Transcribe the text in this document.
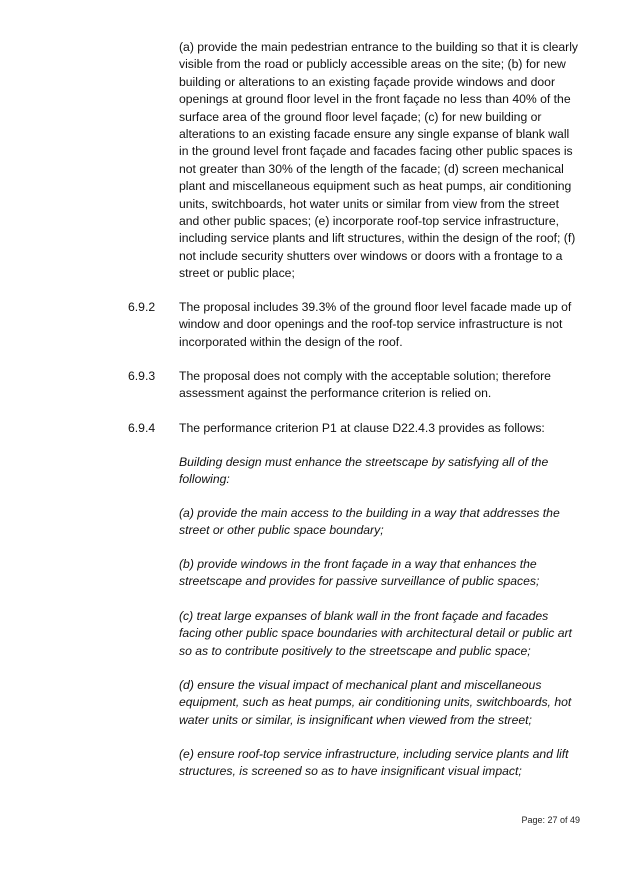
(a) provide the main pedestrian entrance to the building so that it is clearly visible from the road or publicly accessible areas on the site; (b) for new building or alterations to an existing façade provide windows and door openings at ground floor level in the front façade no less than 40% of the surface area of the ground floor level façade; (c) for new building or alterations to an existing facade ensure any single expanse of blank wall in the ground level front façade and facades facing other public spaces is not greater than 30% of the length of the facade; (d) screen mechanical plant and miscellaneous equipment such as heat pumps, air conditioning units, switchboards, hot water units or similar from view from the street and other public spaces; (e) incorporate roof-top service infrastructure, including service plants and lift structures, within the design of the roof; (f) not include security shutters over windows or doors with a frontage to a street or public place;

6.9.2 The proposal includes 39.3% of the ground floor level facade made up of window and door openings and the roof-top service infrastructure is not incorporated within the design of the roof.

6.9.3 The proposal does not comply with the acceptable solution; therefore assessment against the performance criterion is relied on.

6.9.4 The performance criterion P1 at clause D22.4.3 provides as follows:

Building design must enhance the streetscape by satisfying all of the following:

(a) provide the main access to the building in a way that addresses the street or other public space boundary;

(b) provide windows in the front façade in a way that enhances the streetscape and provides for passive surveillance of public spaces;

(c) treat large expanses of blank wall in the front façade and facades facing other public space boundaries with architectural detail or public art so as to contribute positively to the streetscape and public space;

(d) ensure the visual impact of mechanical plant and miscellaneous equipment, such as heat pumps, air conditioning units, switchboards, hot water units or similar, is insignificant when viewed from the street;

(e) ensure roof-top service infrastructure, including service plants and lift structures, is screened so as to have insignificant visual impact;

Page: 27 of 49
